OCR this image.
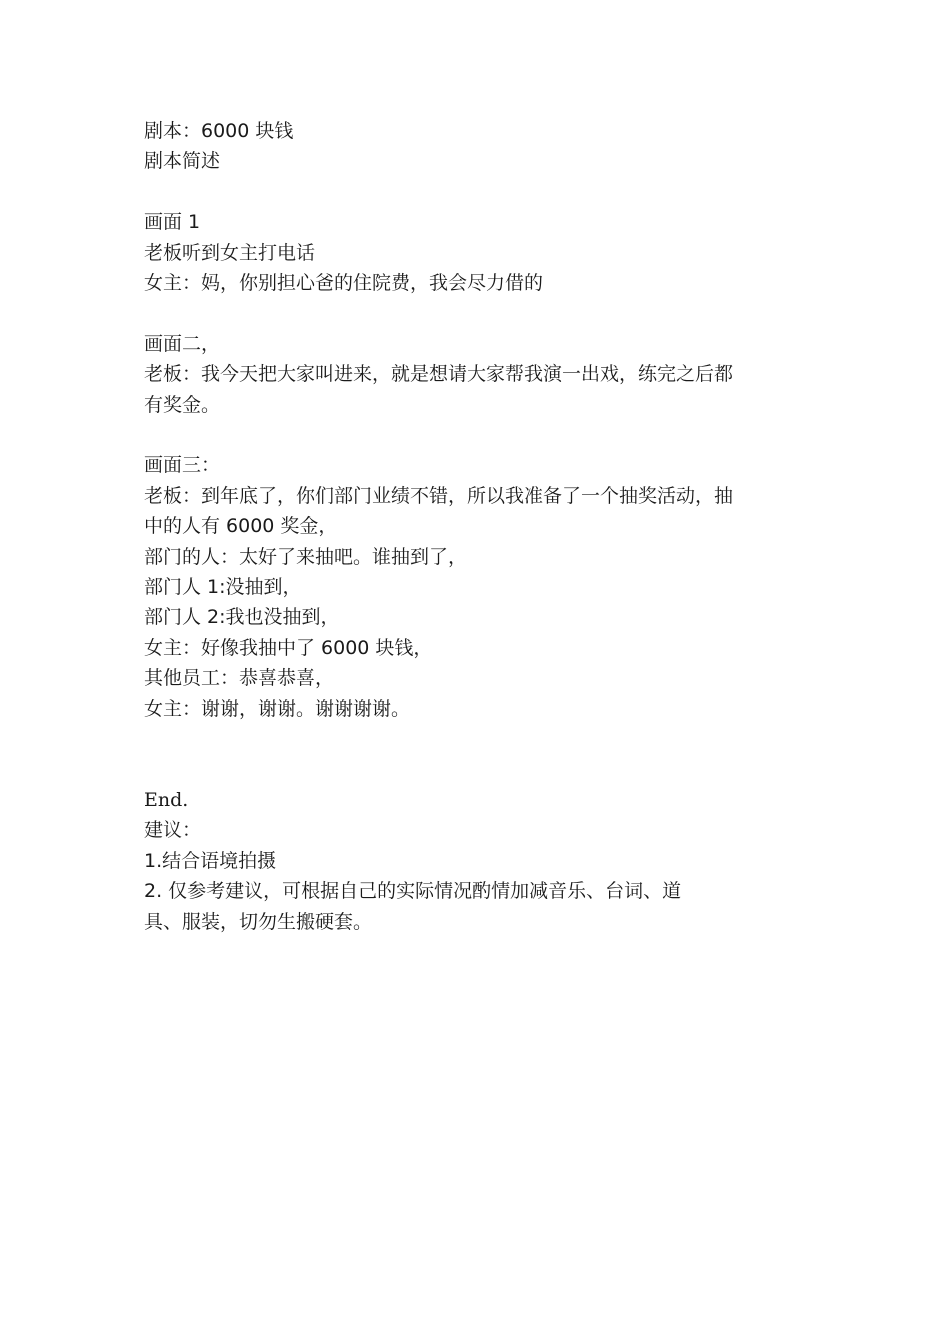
剧本：6000 块钱

剧本简述

画面 1

老板听到女主打电话

女主：妈，你别担心爸的住院费，我会尽力借的

画面二，

老板：我今天把大家叫进来，就是想请大家帮我演一出戏，练完之后都

有奖金。

画面三：

老板：到年底了，你们部门业绩不错，所以我准备了一个抽奖活动，抽

中的人有 6000 奖金，

部门的人：太好了来抽吧。谁抽到了，

部门人 1:没抽到，

部门人 2:我也没抽到，

女主：好像我抽中了 6000 块钱，

其他员工：恭喜恭喜，

女主：谢谢，谢谢。谢谢谢谢。

End.

建议：

1.结合语境拍摄

2. 仅参考建议，可根据自己的实际情况酌情加减音乐、台词、道

具、服装，切勿生搬硬套。
